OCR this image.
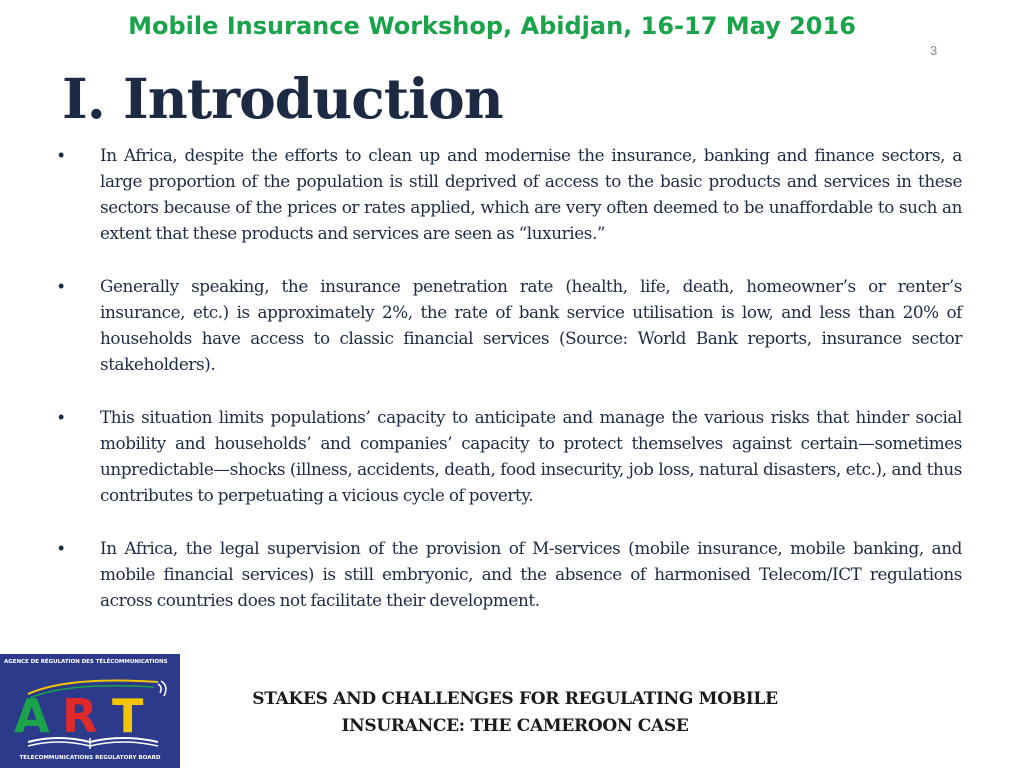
Mobile Insurance Workshop, Abidjan, 16-17 May 2016
3
I. Introduction
• In Africa, despite the efforts to clean up and modernise the insurance, banking and finance sectors, a large proportion of the population is still deprived of access to the basic products and services in these sectors because of the prices or rates applied, which are very often deemed to be unaffordable to such an extent that these products and services are seen as “luxuries.”
• Generally speaking, the insurance penetration rate (health, life, death, homeowner’s or renter’s insurance, etc.) is approximately 2%, the rate of bank service utilisation is low, and less than 20% of households have access to classic financial services (Source: World Bank reports, insurance sector stakeholders).
• This situation limits populations’ capacity to anticipate and manage the various risks that hinder social mobility and households’ and companies’ capacity to protect themselves against certain—sometimes unpredictable—shocks (illness, accidents, death, food insecurity, job loss, natural disasters, etc.), and thus contributes to perpetuating a vicious cycle of poverty.
• In Africa, the legal supervision of the provision of M-services (mobile insurance, mobile banking, and mobile financial services) is still embryonic, and the absence of harmonised Telecom/ICT regulations across countries does not facilitate their development.
AGENCE DE RÉGULATION DES TÉLÉCOMMUNICATIONS
A R T
TELECOMMUNICATIONS REGULATORY BOARD
STAKES AND CHALLENGES FOR REGULATING MOBILE
INSURANCE: THE CAMEROON CASE
